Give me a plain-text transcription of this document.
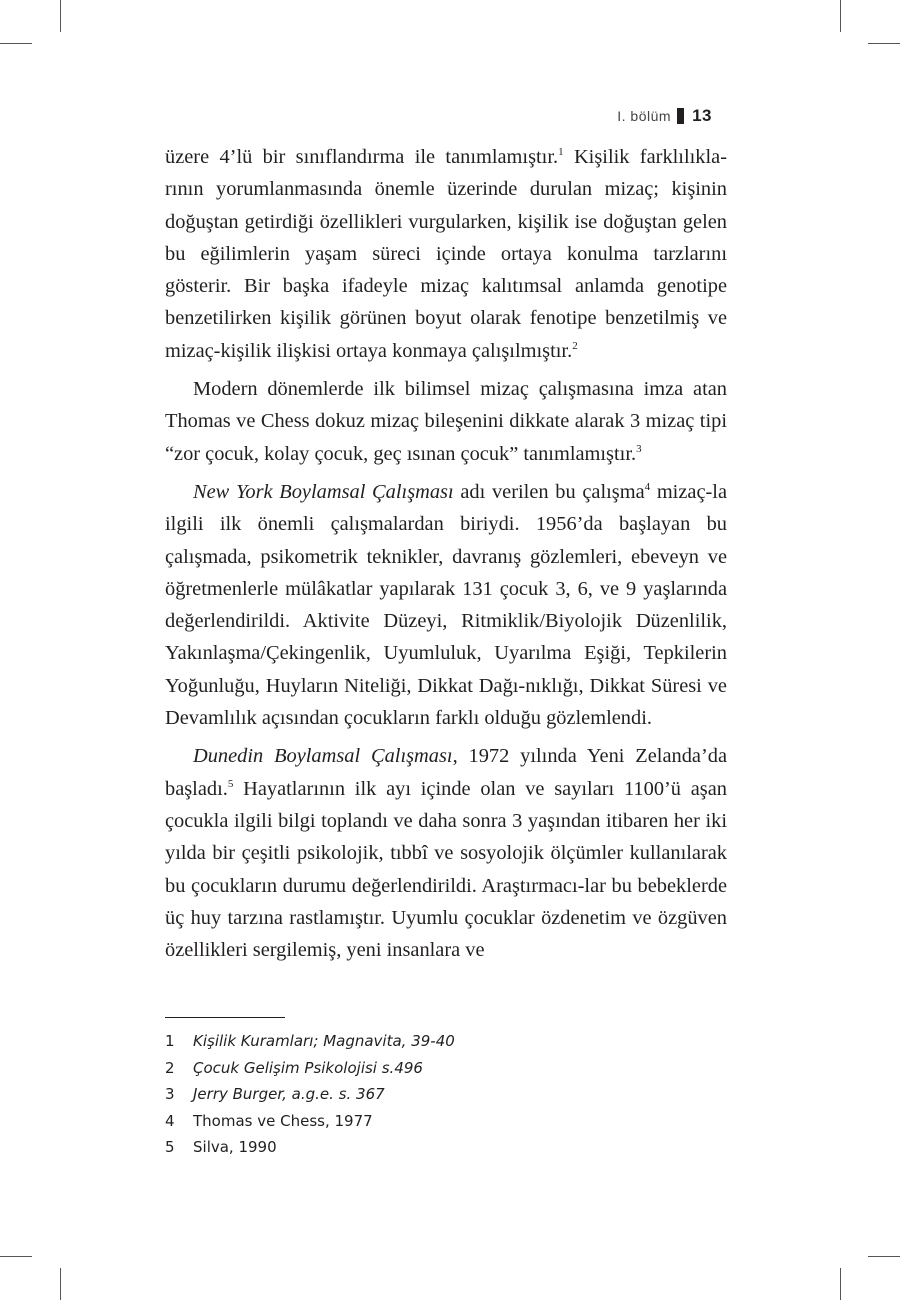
I. bölüm 13

üzere 4’lü bir sınıflandırma ile tanımlamıştır.$^1$ Kişilik farklılıkla-rının yorumlanmasında önemle üzerinde durulan mizaç; kişinin doğuştan getirdiği özellikleri vurgularken, kişilik ise doğuştan gelen bu eğilimlerin yaşam süreci içinde ortaya konulma tarzlarını gösterir. Bir başka ifadeyle mizaç kalıtımsal anlamda genotipe benzetilirken kişilik görünen boyut olarak fenotipe benzetilmiş ve mizaç-kişilik ilişkisi ortaya konmaya çalışılmıştır.$^2$

Modern dönemlerde ilk bilimsel mizaç çalışmasına imza atan Thomas ve Chess dokuz mizaç bileşenini dikkate alarak 3 mizaç tipi “zor çocuk, kolay çocuk, geç ısınan çocuk” tanımlamıştır.$^3$

New York Boylamsal Çalışması adı verilen bu çalışma$^4$ mizaç-la ilgili ilk önemli çalışmalardan biriydi. 1956’da başlayan bu çalışmada, psikometrik teknikler, davranış gözlemleri, ebeveyn ve öğretmenlerle mülâkatlar yapılarak 131 çocuk 3, 6, ve 9 yaşlarında değerlendirildi. Aktivite Düzeyi, Ritmiklik/Biyolojik Düzenlilik, Yakınlaşma/Çekingenlik, Uyumluluk, Uyarılma Eşiği, Tepkilerin Yoğunluğu, Huyların Niteliği, Dikkat Dağı-nıklığı, Dikkat Süresi ve Devamlılık açısından çocukların farklı olduğu gözlemlendi.

Dunedin Boylamsal Çalışması, 1972 yılında Yeni Zelanda’da başladı.$^5$ Hayatlarının ilk ayı içinde olan ve sayıları 1100’ü aşan çocukla ilgili bilgi toplandı ve daha sonra 3 yaşından itibaren her iki yılda bir çeşitli psikolojik, tıbbî ve sosyolojik ölçümler kullanılarak bu çocukların durumu değerlendirildi. Araştırmacı-lar bu bebeklerde üç huy tarzına rastlamıştır. Uyumlu çocuklar özdenetim ve özgüven özellikleri sergilemiş, yeni insanlara ve

1	Kişilik Kuramları; Magnavita, 39-40
2	Çocuk Gelişim Psikolojisi s.496
3	Jerry Burger, a.g.e. s. 367
4	Thomas ve Chess, 1977
5	Silva, 1990
